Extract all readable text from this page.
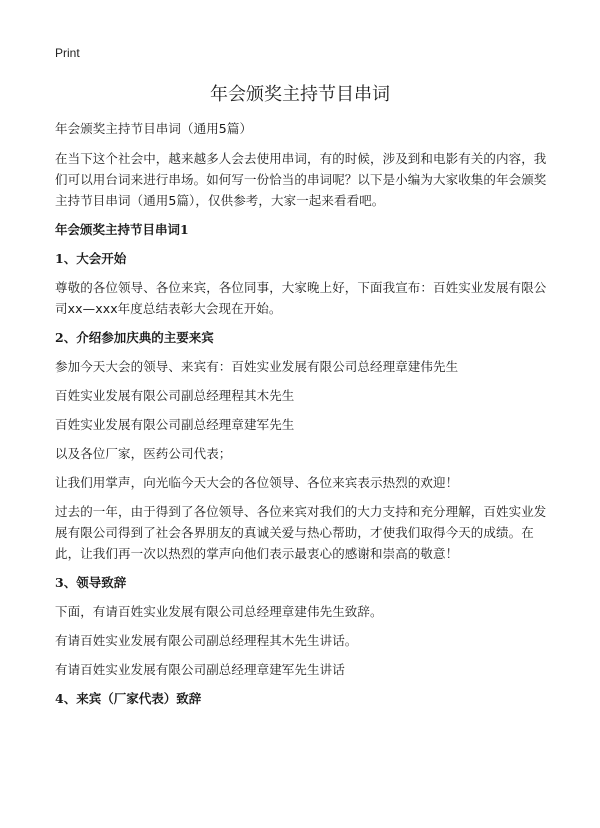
Print
年会颁奖主持节目串词

年会颁奖主持节目串词（通用5篇）

在当下这个社会中，越来越多人会去使用串词，有的时候，涉及到和电影有关的内容，我们可以用台词来进行串场。如何写一份恰当的串词呢？以下是小编为大家收集的年会颁奖主持节目串词（通用5篇），仅供参考，大家一起来看看吧。

年会颁奖主持节目串词1

1、大会开始

尊敬的各位领导、各位来宾，各位同事，大家晚上好，下面我宣布：百姓实业发展有限公司xx—xxx年度总结表彰大会现在开始。

2、介绍参加庆典的主要来宾

参加今天大会的领导、来宾有：百姓实业发展有限公司总经理章建伟先生

百姓实业发展有限公司副总经理程其木先生

百姓实业发展有限公司副总经理章建军先生

以及各位厂家，医药公司代表；

让我们用掌声，向光临今天大会的各位领导、各位来宾表示热烈的欢迎！

过去的一年，由于得到了各位领导、各位来宾对我们的大力支持和充分理解，百姓实业发展有限公司得到了社会各界朋友的真诚关爱与热心帮助，才使我们取得今天的成绩。在此，让我们再一次以热烈的掌声向他们表示最衷心的感谢和崇高的敬意！

3、领导致辞

下面，有请百姓实业发展有限公司总经理章建伟先生致辞。

有请百姓实业发展有限公司副总经理程其木先生讲话。

有请百姓实业发展有限公司副总经理章建军先生讲话

4、来宾（厂家代表）致辞
